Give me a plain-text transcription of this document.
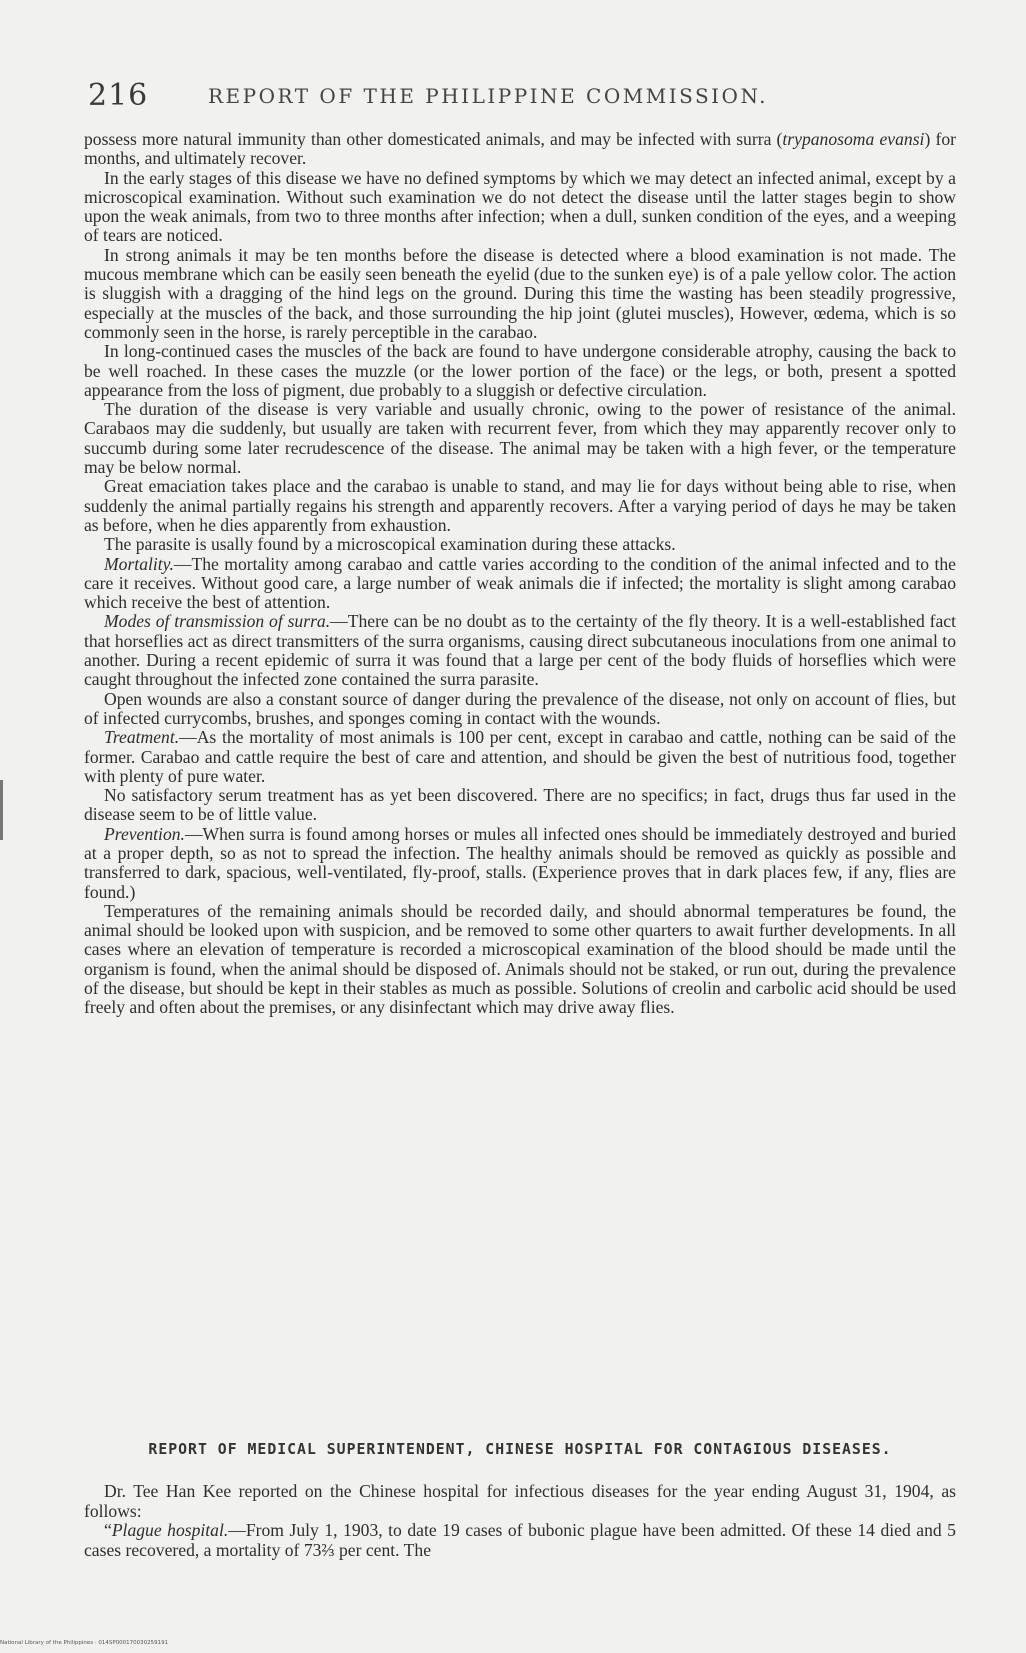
216	REPORT OF THE PHILIPPINE COMMISSION.

possess more natural immunity than other domesticated animals, and may be infected with surra (trypanosoma evansi) for months, and ultimately recover.

In the early stages of this disease we have no defined symptoms by which we may detect an infected animal, except by a microscopical examination. Without such examination we do not detect the disease until the latter stages begin to show upon the weak animals, from two to three months after infection; when a dull, sunken condition of the eyes, and a weeping of tears are noticed.

In strong animals it may be ten months before the disease is detected where a blood examination is not made. The mucous membrane which can be easily seen beneath the eyelid (due to the sunken eye) is of a pale yellow color. The action is sluggish with a dragging of the hind legs on the ground. During this time the wasting has been steadily progressive, especially at the muscles of the back, and those surrounding the hip joint (glutei muscles), However, œdema, which is so commonly seen in the horse, is rarely perceptible in the carabao.

In long-continued cases the muscles of the back are found to have undergone considerable atrophy, causing the back to be well roached. In these cases the muzzle (or the lower portion of the face) or the legs, or both, present a spotted appearance from the loss of pigment, due probably to a sluggish or defective circulation.

The duration of the disease is very variable and usually chronic, owing to the power of resistance of the animal. Carabaos may die suddenly, but usually are taken with recurrent fever, from which they may apparently recover only to succumb during some later recrudescence of the disease. The animal may be taken with a high fever, or the temperature may be below normal.

Great emaciation takes place and the carabao is unable to stand, and may lie for days without being able to rise, when suddenly the animal partially regains his strength and apparently recovers. After a varying period of days he may be taken as before, when he dies apparently from exhaustion.

The parasite is usally found by a microscopical examination during these attacks.

Mortality.—The mortality among carabao and cattle varies according to the condition of the animal infected and to the care it receives. Without good care, a large number of weak animals die if infected; the mortality is slight among carabao which receive the best of attention.

Modes of transmission of surra.—There can be no doubt as to the certainty of the fly theory. It is a well-established fact that horseflies act as direct transmitters of the surra organisms, causing direct subcutaneous inoculations from one animal to another. During a recent epidemic of surra it was found that a large per cent of the body fluids of horseflies which were caught throughout the infected zone contained the surra parasite.

Open wounds are also a constant source of danger during the prevalence of the disease, not only on account of flies, but of infected currycombs, brushes, and sponges coming in contact with the wounds.

Treatment.—As the mortality of most animals is 100 per cent, except in carabao and cattle, nothing can be said of the former. Carabao and cattle require the best of care and attention, and should be given the best of nutritious food, together with plenty of pure water.

No satisfactory serum treatment has as yet been discovered. There are no specifics; in fact, drugs thus far used in the disease seem to be of little value.

Prevention.—When surra is found among horses or mules all infected ones should be immediately destroyed and buried at a proper depth, so as not to spread the infection. The healthy animals should be removed as quickly as possible and transferred to dark, spacious, well-ventilated, fly-proof, stalls. (Experience proves that in dark places few, if any, flies are found.)

Temperatures of the remaining animals should be recorded daily, and should abnormal temperatures be found, the animal should be looked upon with suspicion, and be removed to some other quarters to await further developments. In all cases where an elevation of temperature is recorded a microscopical examination of the blood should be made until the organism is found, when the animal should be disposed of. Animals should not be staked, or run out, during the prevalence of the disease, but should be kept in their stables as much as possible. Solutions of creolin and carbolic acid should be used freely and often about the premises, or any disinfectant which may drive away flies.

REPORT OF MEDICAL SUPERINTENDENT, CHINESE HOSPITAL FOR CONTAGIOUS DISEASES.

Dr. Tee Han Kee reported on the Chinese hospital for infectious diseases for the year ending August 31, 1904, as follows:

“Plague hospital.—From July 1, 1903, to date 19 cases of bubonic plague have been admitted. Of these 14 died and 5 cases recovered, a mortality of 73⅔ per cent. The

National Library of the Philippines · 014SP000170030259191
